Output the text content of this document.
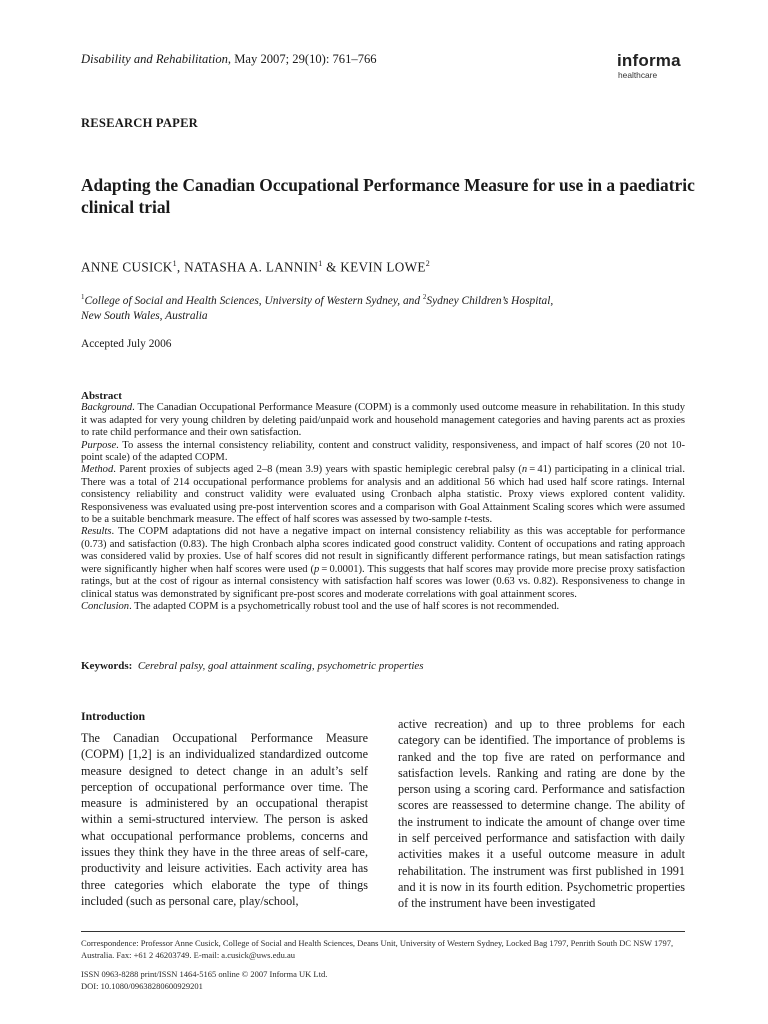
Disability and Rehabilitation, May 2007; 29(10): 761–766	informa
healthcare
RESEARCH PAPER
Adapting the Canadian Occupational Performance Measure for use in a paediatric clinical trial
ANNE CUSICK$^1$, NATASHA A. LANNIN$^1$ & KEVIN LOWE$^2$
$^1$College of Social and Health Sciences, University of Western Sydney, and $^2$Sydney Children’s Hospital,
New South Wales, Australia
Accepted July 2006
Abstract

Background. The Canadian Occupational Performance Measure (COPM) is a commonly used outcome measure in rehabilitation. In this study it was adapted for very young children by deleting paid/unpaid work and household management categories and having parents act as proxies to rate child performance and their own satisfaction.

Purpose. To assess the internal consistency reliability, content and construct validity, responsiveness, and impact of half scores (20 not 10-point scale) of the adapted COPM.

Method. Parent proxies of subjects aged 2–8 (mean 3.9) years with spastic hemiplegic cerebral palsy (n = 41) participating in a clinical trial. There was a total of 214 occupational performance problems for analysis and an additional 56 which had used half score ratings. Internal consistency reliability and construct validity were evaluated using Cronbach alpha statistic. Proxy views explored content validity. Responsiveness was evaluated using pre-post intervention scores and a comparison with Goal Attainment Scaling scores which were assumed to be a suitable benchmark measure. The effect of half scores was assessed by two-sample t-tests.

Results. The COPM adaptations did not have a negative impact on internal consistency reliability as this was acceptable for performance (0.73) and satisfaction (0.83). The high Cronbach alpha scores indicated good construct validity. Content of occupations and rating approach was considered valid by proxies. Use of half scores did not result in significantly different performance ratings, but mean satisfaction ratings were significantly higher when half scores were used (p = 0.0001). This suggests that half scores may provide more precise proxy satisfaction ratings, but at the cost of rigour as internal consistency with satisfaction half scores was lower (0.63 vs. 0.82). Responsiveness to change in clinical status was demonstrated by significant pre-post scores and moderate correlations with goal attainment scores.

Conclusion. The adapted COPM is a psychometrically robust tool and the use of half scores is not recommended.

Keywords: Cerebral palsy, goal attainment scaling, psychometric properties
Introduction

The Canadian Occupational Performance Measure (COPM) [1,2] is an individualized standardized outcome measure designed to detect change in an adult’s self perception of occupational performance over time. The measure is administered by an occupational therapist within a semi-structured interview. The person is asked what occupational performance problems, concerns and issues they think they have in the three areas of self-care, productivity and leisure activities. Each activity area has three categories which elaborate the type of things included (such as personal care, play/school,

active recreation) and up to three problems for each category can be identified. The importance of problems is ranked and the top five are rated on performance and satisfaction levels. Ranking and rating are done by the person using a scoring card. Performance and satisfaction scores are reassessed to determine change. The ability of the instrument to indicate the amount of change over time in self perceived performance and satisfaction with daily activities makes it a useful outcome measure in adult rehabilitation. The instrument was first published in 1991 and it is now in its fourth edition. Psychometric properties of the instrument have been investigated

Correspondence: Professor Anne Cusick, College of Social and Health Sciences, Deans Unit, University of Western Sydney, Locked Bag 1797, Penrith South DC NSW 1797, Australia. Fax: +61 2 46203749. E-mail: a.cusick@uws.edu.au

ISSN 0963-8288 print/ISSN 1464-5165 online © 2007 Informa UK Ltd.

DOI: 10.1080/09638280600929201
